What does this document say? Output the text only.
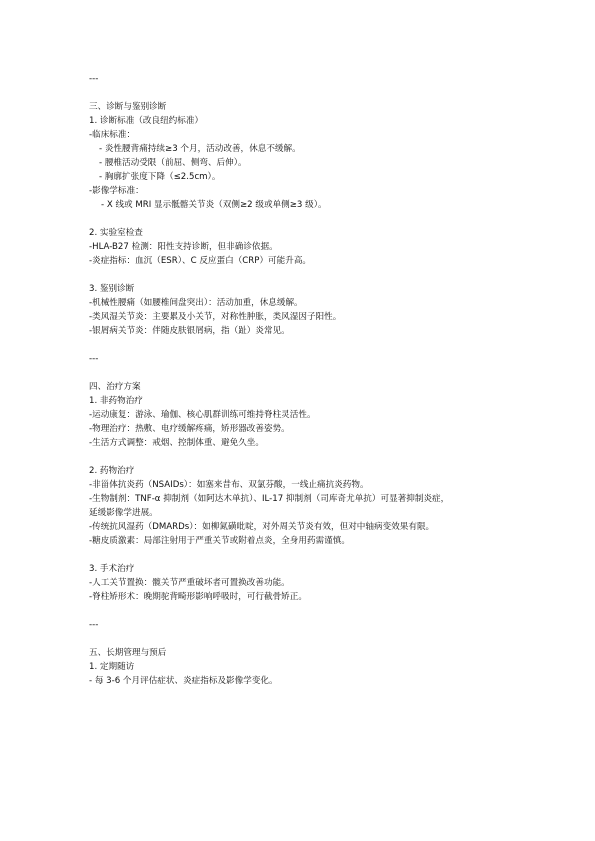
---
三、诊断与鉴别诊断
1. 诊断标准（改良纽约标准）
-临床标准：
- 炎性腰背痛持续≥3 个月，活动改善，休息不缓解。
- 腰椎活动受限（前屈、侧弯、后伸）。
- 胸廓扩张度下降（≤2.5cm）。
-影像学标准：
- X 线或 MRI 显示骶髂关节炎（双侧≥2 级或单侧≥3 级）。
2. 实验室检查
-HLA-B27 检测：阳性支持诊断，但非确诊依据。
-炎症指标：血沉（ESR）、C 反应蛋白（CRP）可能升高。
3. 鉴别诊断
-机械性腰痛（如腰椎间盘突出）：活动加重，休息缓解。
-类风湿关节炎：主要累及小关节，对称性肿胀，类风湿因子阳性。
-银屑病关节炎：伴随皮肤银屑病，指（趾）炎常见。
---
四、治疗方案
1. 非药物治疗
-运动康复：游泳、瑜伽、核心肌群训练可维持脊柱灵活性。
-物理治疗：热敷、电疗缓解疼痛，矫形器改善姿势。
-生活方式调整：戒烟、控制体重、避免久坐。
2. 药物治疗
-非甾体抗炎药（NSAIDs）：如塞来昔布、双氯芬酸，一线止痛抗炎药物。
-生物制剂：TNF-α 抑制剂（如阿达木单抗）、IL-17 抑制剂（司库奇尤单抗）可显著抑制炎症，
延缓影像学进展。
-传统抗风湿药（DMARDs）：如柳氮磺吡啶，对外周关节炎有效，但对中轴病变效果有限。
-糖皮质激素：局部注射用于严重关节或附着点炎，全身用药需谨慎。
3. 手术治疗
-人工关节置换：髋关节严重破坏者可置换改善功能。
-脊柱矫形术：晚期驼背畸形影响呼吸时，可行截骨矫正。
---
五、长期管理与预后
1. 定期随访
- 每 3-6 个月评估症状、炎症指标及影像学变化。
